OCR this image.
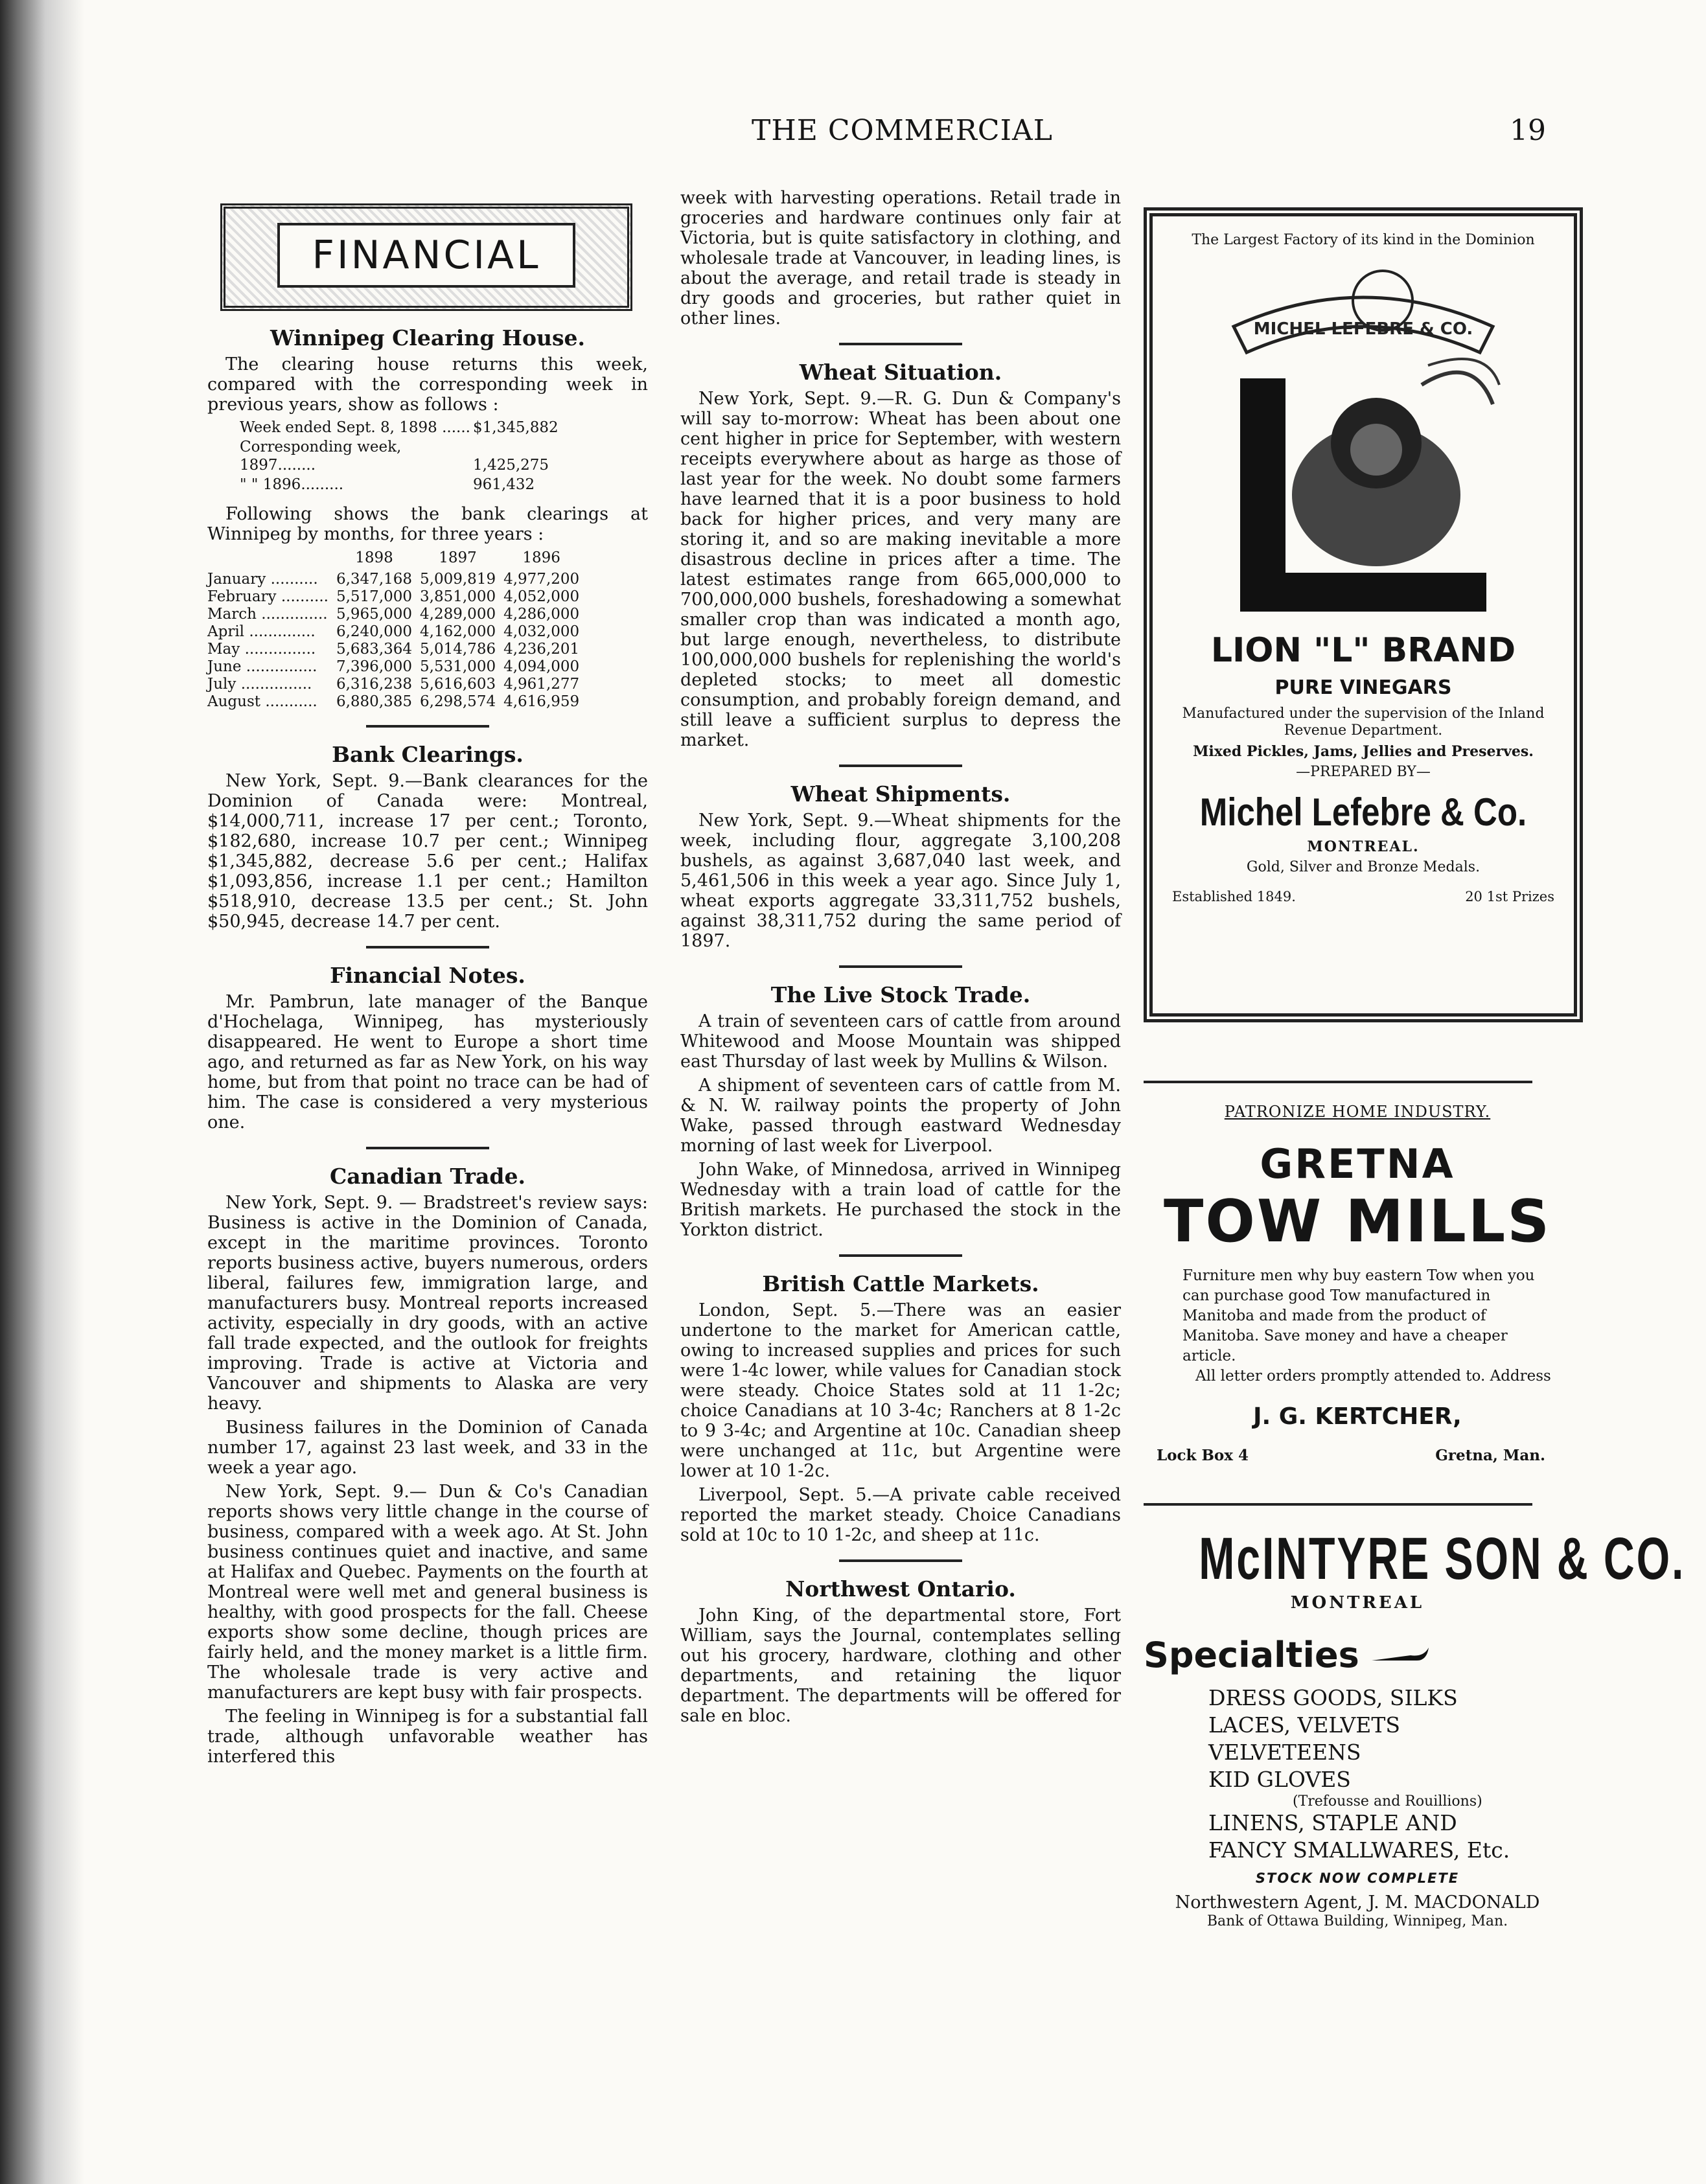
THE COMMERCIAL	19
FINANCIAL
Winnipeg Clearing House.

The clearing house returns this week, compared with the corresponding week in previous years, show as follows :

Week ended Sept. 8, 1898 ...... $1,345,882
Corresponding week, 1897........	1,425,275
" " 1896.........	961,432

Following shows the bank clearings at Winnipeg by months, for three years :

	1898	1897	1896
January ..........	6,347,168	5,009,819	4,977,200
February ..........	5,517,000	3,851,000	4,052,000
March ..............	5,965,000	4,289,000	4,286,000
April ..............	6,240,000	4,162,000	4,032,000
May ...............	5,683,364	5,014,786	4,236,201
June ...............	7,396,000	5,531,000	4,094,000
July ...............	6,316,238	5,616,603	4,961,277
August ...........	6,880,385	6,298,574	4,616,959
Bank Clearings.

New York, Sept. 9.—Bank clearances for the Dominion of Canada were: Montreal, $14,000,711, increase 17 per cent.; Toronto, $182,680, increase 10.7 per cent.; Winnipeg $1,345,882, decrease 5.6 per cent.; Halifax $1,093,856, increase 1.1 per cent.; Hamilton $518,910, decrease 13.5 per cent.; St. John $50,945, decrease 14.7 per cent.

Financial Notes.

Mr. Pambrun, late manager of the Banque d'Hochelaga, Winnipeg, has mysteriously disappeared. He went to Europe a short time ago, and returned as far as New York, on his way home, but from that point no trace can be had of him. The case is considered a very mysterious one.

Canadian Trade.

New York, Sept. 9. — Bradstreet's review says: Business is active in the Dominion of Canada, except in the maritime provinces. Toronto reports business active, buyers numerous, orders liberal, failures few, immigration large, and manufacturers busy. Montreal reports increased activity, especially in dry goods, with an active fall trade expected, and the outlook for freights improving. Trade is active at Victoria and Vancouver and shipments to Alaska are very heavy.

Business failures in the Dominion of Canada number 17, against 23 last week, and 33 in the week a year ago.

New York, Sept. 9.— Dun & Co's Canadian reports shows very little change in the course of business, compared with a week ago. At St. John business continues quiet and inactive, and same at Halifax and Quebec. Payments on the fourth at Montreal were well met and general business is healthy, with good prospects for the fall. Cheese exports show some decline, though prices are fairly held, and the money market is a little firm. The wholesale trade is very active and manufacturers are kept busy with fair prospects.

The feeling in Winnipeg is for a substantial fall trade, although unfavorable weather has interfered this

week with harvesting operations. Retail trade in groceries and hardware continues only fair at Victoria, but is quite satisfactory in clothing, and wholesale trade at Vancouver, in leading lines, is about the average, and retail trade is steady in dry goods and groceries, but rather quiet in other lines.

Wheat Situation.

New York, Sept. 9.—R. G. Dun & Company's will say to-morrow: Wheat has been about one cent higher in price for September, with western receipts everywhere about as harge as those of last year for the week. No doubt some farmers have learned that it is a poor business to hold back for higher prices, and very many are storing it, and so are making inevitable a more disastrous decline in prices after a time. The latest estimates range from 665,000,000 to 700,000,000 bushels, foreshadowing a somewhat smaller crop than was indicated a month ago, but large enough, nevertheless, to distribute 100,000,000 bushels for replenishing the world's depleted stocks; to meet all domestic consumption, and probably foreign demand, and still leave a sufficient surplus to depress the market.

Wheat Shipments.

New York, Sept. 9.—Wheat shipments for the week, including flour, aggregate 3,100,208 bushels, as against 3,687,040 last week, and 5,461,506 in this week a year ago. Since July 1, wheat exports aggregate 33,311,752 bushels, against 38,311,752 during the same period of 1897.

The Live Stock Trade.

A train of seventeen cars of cattle from around Whitewood and Moose Mountain was shipped east Thursday of last week by Mullins & Wilson.

A shipment of seventeen cars of cattle from M. & N. W. railway points the property of John Wake, passed through eastward Wednesday morning of last week for Liverpool.

John Wake, of Minnedosa, arrived in Winnipeg Wednesday with a train load of cattle for the British markets. He purchased the stock in the Yorkton district.

British Cattle Markets.

London, Sept. 5.—There was an easier undertone to the market for American cattle, owing to increased supplies and prices for such were 1-4c lower, while values for Canadian stock were steady. Choice States sold at 11 1-2c; choice Canadians at 10 3-4c; Ranchers at 8 1-2c to 9 3-4c; and Argentine at 10c. Canadian sheep were unchanged at 11c, but Argentine were lower at 10 1-2c.

Liverpool, Sept. 5.—A private cable received reported the market steady. Choice Canadians sold at 10c to 10 1-2c, and sheep at 11c.

Northwest Ontario.

John King, of the departmental store, Fort William, says the Journal, contemplates selling out his grocery, hardware, clothing and other departments, and retaining the liquor department. The departments will be offered for sale en bloc.

The Largest Factory of its kind in the Dominion
MICHEL LEFEBRE & CO.
LION "L" BRAND
PURE VINEGARS
Manufactured under the supervision of the Inland Revenue Department.
Mixed Pickles, Jams, Jellies and Preserves.
—PREPARED BY—
Michel Lefebre & Co.
MONTREAL.
Gold, Silver and Bronze Medals.
Established 1849.	20 1st Prizes
PATRONIZE HOME INDUSTRY.
GRETNA
TOW MILLS

Furniture men why buy eastern Tow when you can purchase good Tow manufactured in Manitoba and made from the product of Manitoba. Save money and have a cheaper article.

All letter orders promptly attended to. Address

J. G. KERTCHER,
Lock Box 4	Gretna, Man.
McINTYRE SON & CO.
MONTREAL
Specialties
DRESS GOODS, SILKS
LACES, VELVETS
VELVETEENS
KID GLOVES
(Trefousse and Rouillions)
LINENS, STAPLE AND
FANCY SMALLWARES, Etc.
STOCK NOW COMPLETE
Northwestern Agent, J. M. MACDONALD
Bank of Ottawa Building, Winnipeg, Man.
